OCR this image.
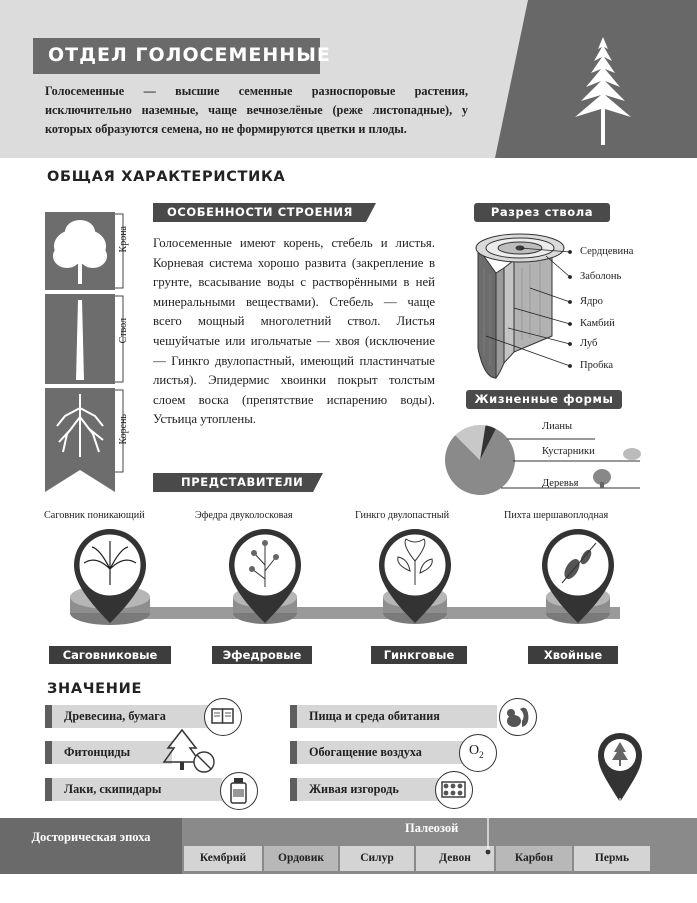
ОТДЕЛ ГОЛОСЕМЕННЫЕ
Голосеменные — высшие семенные разноспоровые растения, исключительно наземные, чаще вечнозелёные (реже листопадные), у которых образуются семена, но не формируются цветки и плоды.
ОБЩАЯ ХАРАКТЕРИСТИКА
Крона
Ствол
Корень
ОСОБЕННОСТИ СТРОЕНИЯ
Голосеменные имеют корень, стебель и листья. Корневая система хорошо развита (закрепление в грунте, всасывание воды с растворёнными в ней минеральными веществами). Стебель — чаще всего мощный многолетний ствол. Листья чешуйчатые или игольчатые — хвоя (исключение — Гинкго двулопастный, имеющий пластинчатые листья). Эпидермис хвоинки покрыт толстым слоем воска (препятствие испарению воды). Устьица утоплены.
Разрез ствола
Сердцевина
Заболонь
Ядро
Камбий
Луб
Пробка
Жизненные формы
Лианы
Кустарники
Деревья
ПРЕДСТАВИТЕЛИ
Саговник поникающий	Эфедра двуколосковая	Гинкго двулопастный	Пихта шершавоплодная
Саговниковые	Эфедровые	Гинкговые	Хвойные
ЗНАЧЕНИЕ
Древесина, бумага
Фитонциды
Лаки, скипидары
Пища и среда обитания
Обогащение воздуха
Живая изгородь
$O_2$
Досторическая эпоха
Палеозой
Кембрий	Ордовик	Силур	Девон	Карбон	Пермь
